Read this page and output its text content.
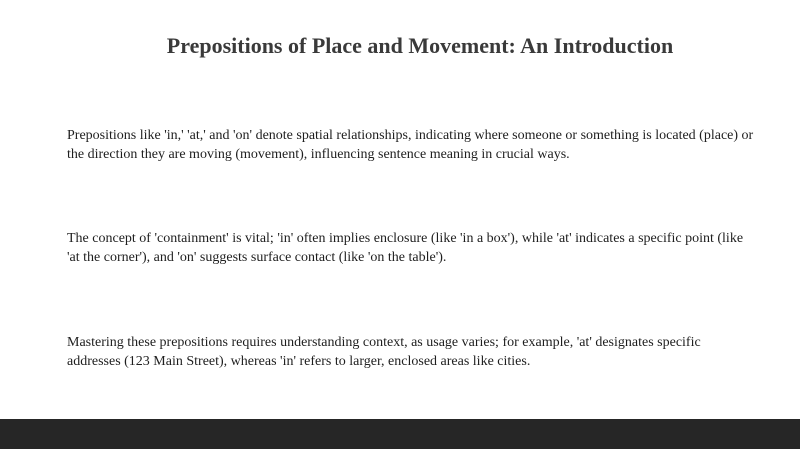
Prepositions of Place and Movement: An Introduction

Prepositions like 'in,' 'at,' and 'on' denote spatial relationships, indicating where someone or something is located (place) or the direction they are moving (movement), influencing sentence meaning in crucial ways.

The concept of 'containment' is vital; 'in' often implies enclosure (like 'in a box'), while 'at' indicates a specific point (like 'at the corner'), and 'on' suggests surface contact (like 'on the table').

Mastering these prepositions requires understanding context, as usage varies; for example, 'at' designates specific addresses (123 Main Street), whereas 'in' refers to larger, enclosed areas like cities.
